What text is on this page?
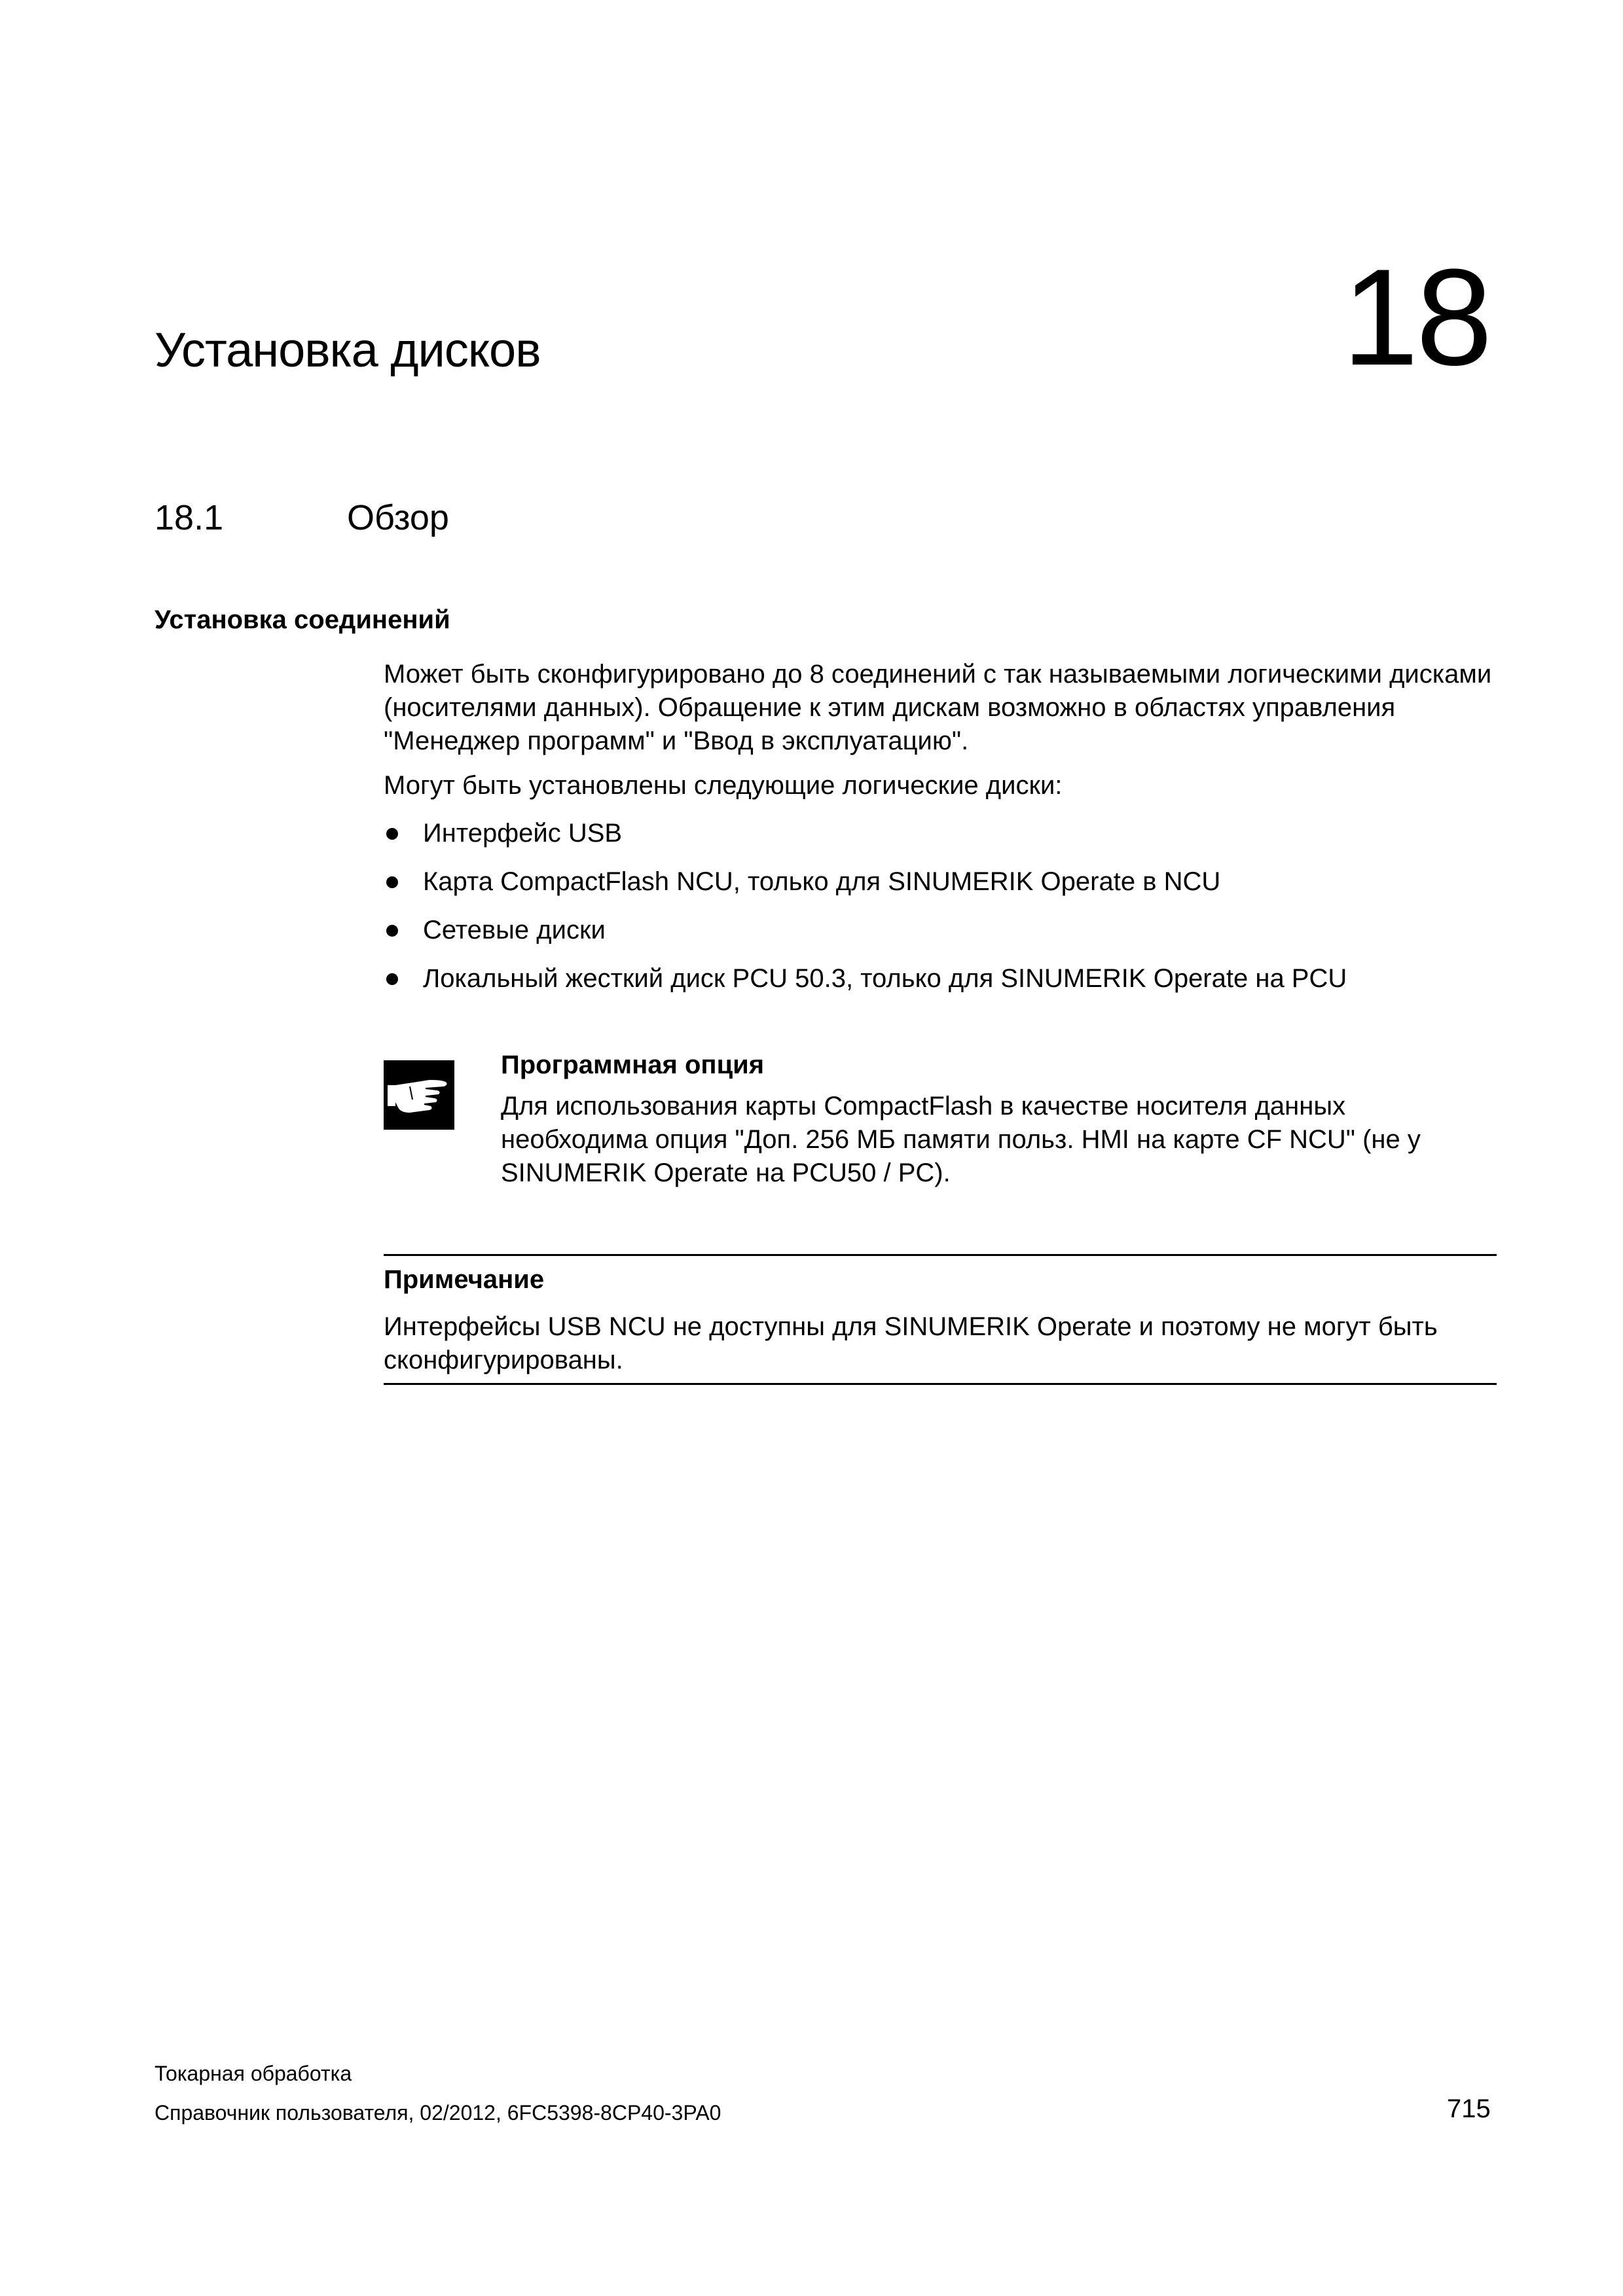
Установка дисков	18
18.1	Обзор
Установка соединений
Может быть сконфигурировано до 8 соединений с так называемыми логическими дисками (носителями данных). Обращение к этим дискам возможно в областях управления "Менеджер программ" и "Ввод в эксплуатацию".
Могут быть установлены следующие логические диски:
Интерфейс USB
Карта CompactFlash NCU, только для SINUMERIK Operate в NCU
Сетевые диски
Локальный жесткий диск PCU 50.3, только для SINUMERIK Operate на PCU
Программная опция
Для использования карты CompactFlash в качестве носителя данных необходима опция "Доп. 256 МБ памяти польз. HMI на карте CF NCU" (не у SINUMERIK Operate на PCU50 / PC).
Примечание
Интерфейсы USB NCU не доступны для SINUMERIK Operate и поэтому не могут быть сконфигурированы.
Токарная обработка
Справочник пользователя, 02/2012, 6FC5398-8CP40-3PA0	715
